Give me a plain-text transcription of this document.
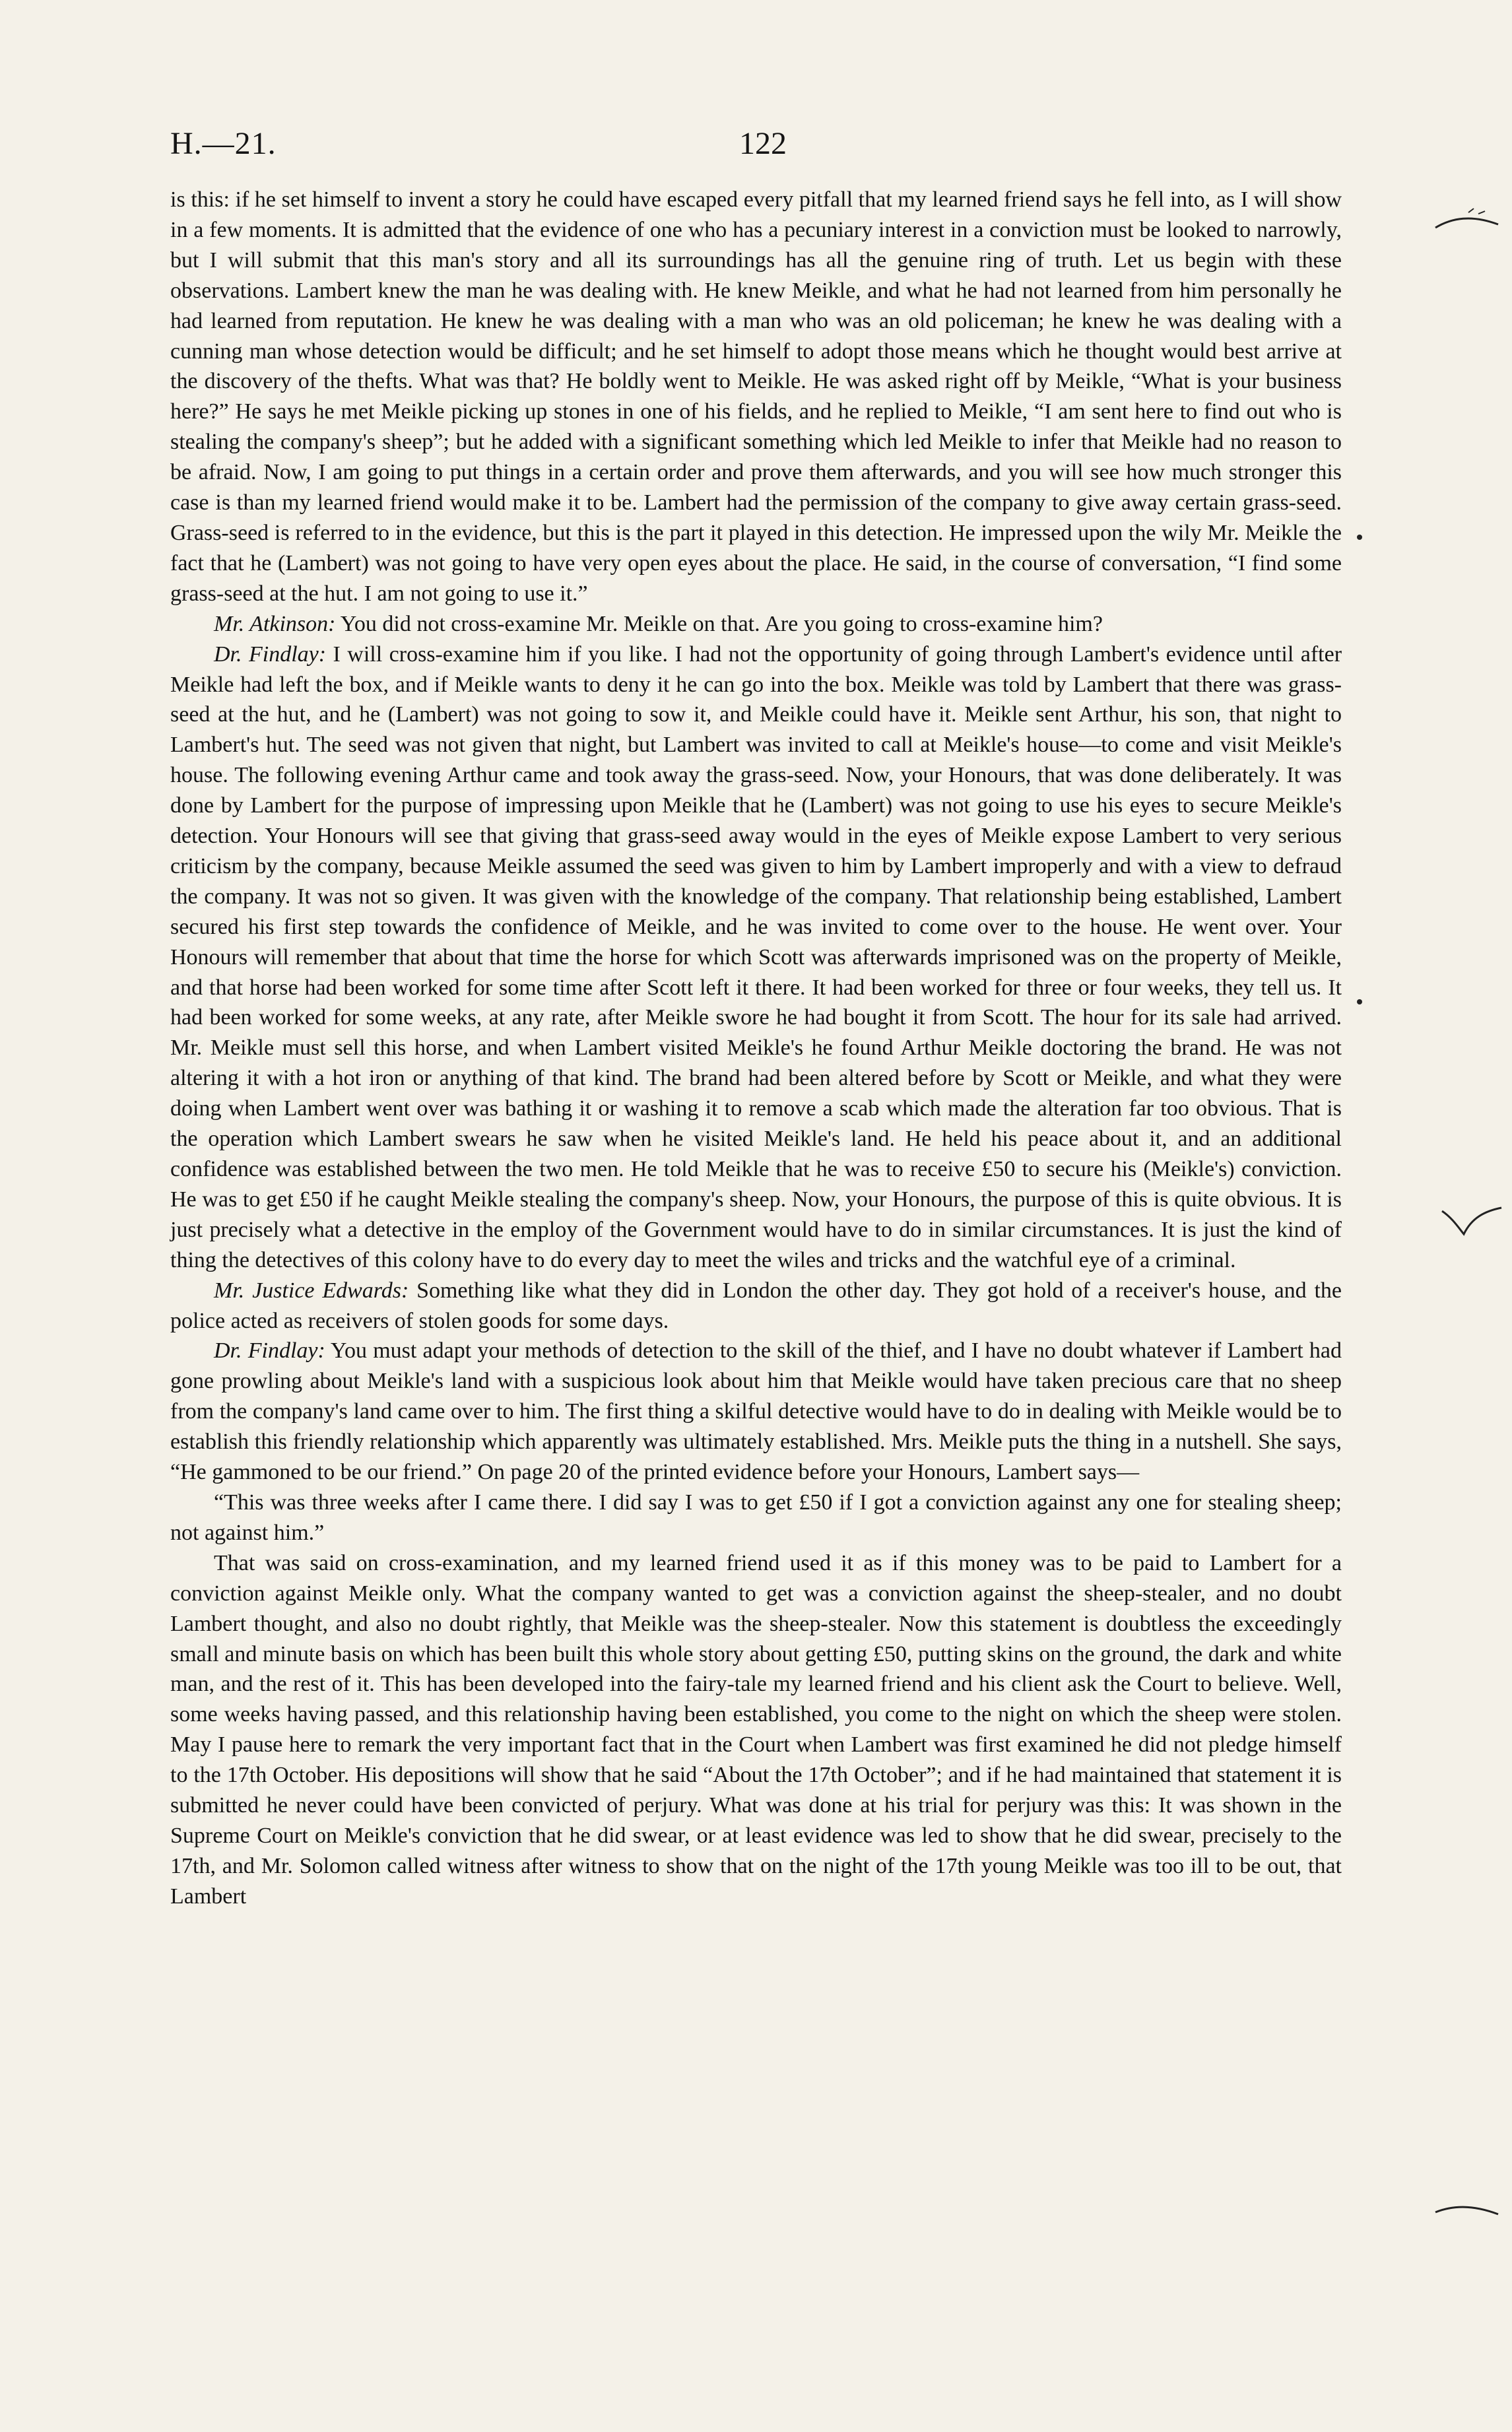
H.—21.	122

is this: if he set himself to invent a story he could have escaped every pitfall that my learned friend says he fell into, as I will show in a few moments. It is admitted that the evidence of one who has a pecuniary interest in a conviction must be looked to narrowly, but I will submit that this man's story and all its surroundings has all the genuine ring of truth. Let us begin with these observations. Lambert knew the man he was dealing with. He knew Meikle, and what he had not learned from him personally he had learned from reputation. He knew he was dealing with a man who was an old policeman; he knew he was dealing with a cunning man whose detection would be difficult; and he set himself to adopt those means which he thought would best arrive at the discovery of the thefts. What was that? He boldly went to Meikle. He was asked right off by Meikle, “What is your business here?” He says he met Meikle picking up stones in one of his fields, and he replied to Meikle, “I am sent here to find out who is stealing the company's sheep”; but he added with a significant something which led Meikle to infer that Meikle had no reason to be afraid. Now, I am going to put things in a certain order and prove them afterwards, and you will see how much stronger this case is than my learned friend would make it to be. Lambert had the permission of the company to give away certain grass-seed. Grass-seed is referred to in the evidence, but this is the part it played in this detection. He impressed upon the wily Mr. Meikle the fact that he (Lambert) was not going to have very open eyes about the place. He said, in the course of conversation, “I find some grass-seed at the hut. I am not going to use it.”

Mr. Atkinson: You did not cross-examine Mr. Meikle on that. Are you going to cross-examine him?

Dr. Findlay: I will cross-examine him if you like. I had not the opportunity of going through Lambert's evidence until after Meikle had left the box, and if Meikle wants to deny it he can go into the box. Meikle was told by Lambert that there was grass-seed at the hut, and he (Lambert) was not going to sow it, and Meikle could have it. Meikle sent Arthur, his son, that night to Lambert's hut. The seed was not given that night, but Lambert was invited to call at Meikle's house—to come and visit Meikle's house. The following evening Arthur came and took away the grass-seed. Now, your Honours, that was done deliberately. It was done by Lambert for the purpose of impressing upon Meikle that he (Lambert) was not going to use his eyes to secure Meikle's detection. Your Honours will see that giving that grass-seed away would in the eyes of Meikle expose Lambert to very serious criticism by the company, because Meikle assumed the seed was given to him by Lambert improperly and with a view to defraud the company. It was not so given. It was given with the knowledge of the company. That relationship being established, Lambert secured his first step towards the confidence of Meikle, and he was invited to come over to the house. He went over. Your Honours will remember that about that time the horse for which Scott was afterwards imprisoned was on the property of Meikle, and that horse had been worked for some time after Scott left it there. It had been worked for three or four weeks, they tell us. It had been worked for some weeks, at any rate, after Meikle swore he had bought it from Scott. The hour for its sale had arrived. Mr. Meikle must sell this horse, and when Lambert visited Meikle's he found Arthur Meikle doctoring the brand. He was not altering it with a hot iron or anything of that kind. The brand had been altered before by Scott or Meikle, and what they were doing when Lambert went over was bathing it or washing it to remove a scab which made the alteration far too obvious. That is the operation which Lambert swears he saw when he visited Meikle's land. He held his peace about it, and an additional confidence was established between the two men. He told Meikle that he was to receive £50 to secure his (Meikle's) conviction. He was to get £50 if he caught Meikle stealing the company's sheep. Now, your Honours, the purpose of this is quite obvious. It is just precisely what a detective in the employ of the Government would have to do in similar circumstances. It is just the kind of thing the detectives of this colony have to do every day to meet the wiles and tricks and the watchful eye of a criminal.

Mr. Justice Edwards: Something like what they did in London the other day. They got hold of a receiver's house, and the police acted as receivers of stolen goods for some days.

Dr. Findlay: You must adapt your methods of detection to the skill of the thief, and I have no doubt whatever if Lambert had gone prowling about Meikle's land with a suspicious look about him that Meikle would have taken precious care that no sheep from the company's land came over to him. The first thing a skilful detective would have to do in dealing with Meikle would be to establish this friendly relationship which apparently was ultimately established. Mrs. Meikle puts the thing in a nutshell. She says, “He gammoned to be our friend.” On page 20 of the printed evidence before your Honours, Lambert says—

“This was three weeks after I came there. I did say I was to get £50 if I got a conviction against any one for stealing sheep; not against him.”

That was said on cross-examination, and my learned friend used it as if this money was to be paid to Lambert for a conviction against Meikle only. What the company wanted to get was a conviction against the sheep-stealer, and no doubt Lambert thought, and also no doubt rightly, that Meikle was the sheep-stealer. Now this statement is doubtless the exceedingly small and minute basis on which has been built this whole story about getting £50, putting skins on the ground, the dark and white man, and the rest of it. This has been developed into the fairy-tale my learned friend and his client ask the Court to believe. Well, some weeks having passed, and this relationship having been established, you come to the night on which the sheep were stolen. May I pause here to remark the very important fact that in the Court when Lambert was first examined he did not pledge himself to the 17th October. His depositions will show that he said “About the 17th October”; and if he had maintained that statement it is submitted he never could have been convicted of perjury. What was done at his trial for perjury was this: It was shown in the Supreme Court on Meikle's conviction that he did swear, or at least evidence was led to show that he did swear, precisely to the 17th, and Mr. Solomon called witness after witness to show that on the night of the 17th young Meikle was too ill to be out, that Lambert
